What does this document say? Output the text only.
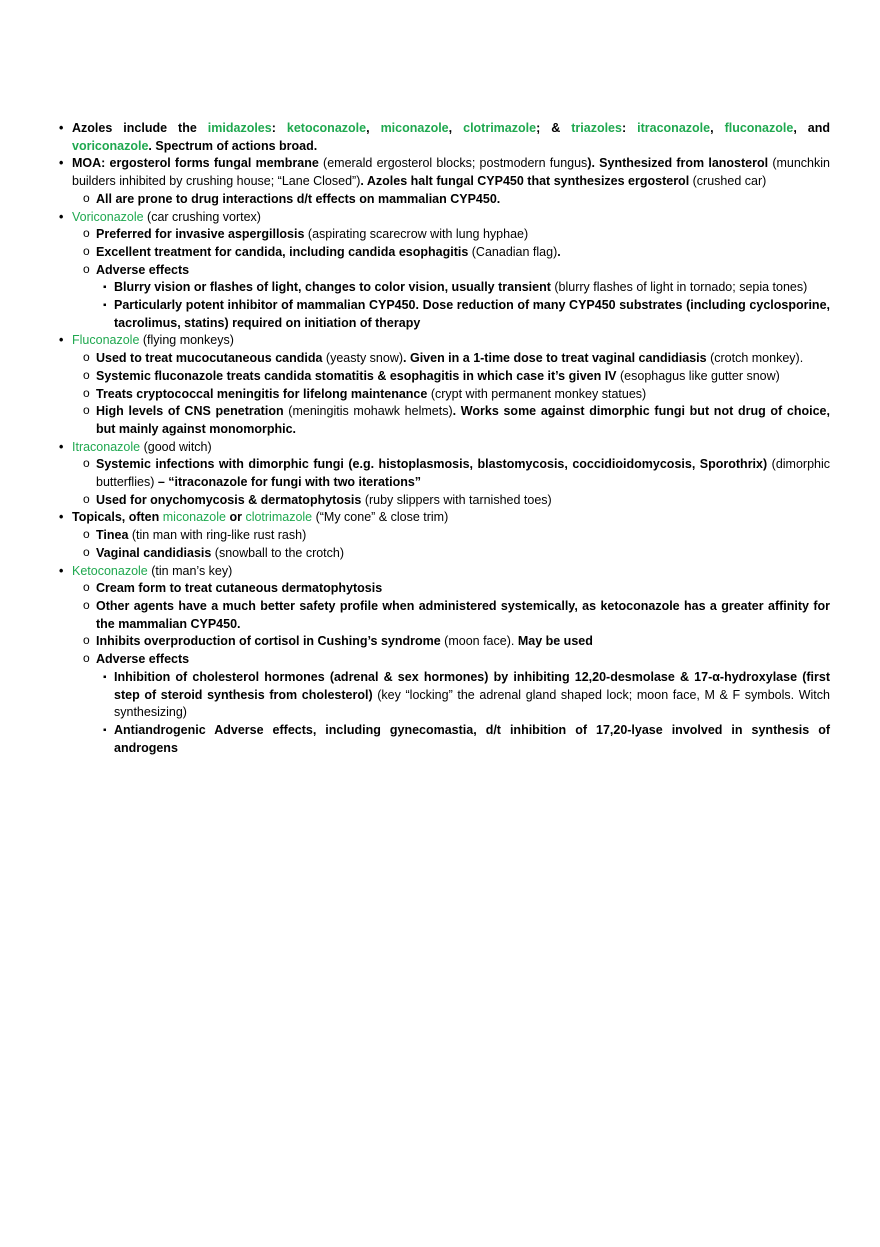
• Azoles include the imidazoles: ketoconazole, miconazole, clotrimazole; & triazoles: itraconazole, fluconazole, and voriconazole. Spectrum of actions broad.
• MOA: ergosterol forms fungal membrane (emerald ergosterol blocks; postmodern fungus). Synthesized from lanosterol (munchkin builders inhibited by crushing house; “Lane Closed”). Azoles halt fungal CYP450 that synthesizes ergosterol (crushed car)
o All are prone to drug interactions d/t effects on mammalian CYP450.
• Voriconazole (car crushing vortex)
o Preferred for invasive aspergillosis (aspirating scarecrow with lung hyphae)
o Excellent treatment for candida, including candida esophagitis (Canadian flag).
o Adverse effects
▪ Blurry vision or flashes of light, changes to color vision, usually transient (blurry flashes of light in tornado; sepia tones)
▪ Particularly potent inhibitor of mammalian CYP450. Dose reduction of many CYP450 substrates (including cyclosporine, tacrolimus, statins) required on initiation of therapy
• Fluconazole (flying monkeys)
o Used to treat mucocutaneous candida (yeasty snow). Given in a 1-time dose to treat vaginal candidiasis (crotch monkey).
o Systemic fluconazole treats candida stomatitis & esophagitis in which case it’s given IV (esophagus like gutter snow)
o Treats cryptococcal meningitis for lifelong maintenance (crypt with permanent monkey statues)
o High levels of CNS penetration (meningitis mohawk helmets). Works some against dimorphic fungi but not drug of choice, but mainly against monomorphic.
• Itraconazole (good witch)
o Systemic infections with dimorphic fungi (e.g. histoplasmosis, blastomycosis, coccidioidomycosis, Sporothrix) (dimorphic butterflies) – “itraconazole for fungi with two iterations”
o Used for onychomycosis & dermatophytosis (ruby slippers with tarnished toes)
• Topicals, often miconazole or clotrimazole (“My cone” & close trim)
o Tinea (tin man with ring-like rust rash)
o Vaginal candidiasis (snowball to the crotch)
• Ketoconazole (tin man’s key)
o Cream form to treat cutaneous dermatophytosis
o Other agents have a much better safety profile when administered systemically, as ketoconazole has a greater affinity for the mammalian CYP450.
o Inhibits overproduction of cortisol in Cushing’s syndrome (moon face). May be used
o Adverse effects
▪ Inhibition of cholesterol hormones (adrenal & sex hormones) by inhibiting 12,20-desmolase & 17-α-hydroxylase (first step of steroid synthesis from cholesterol) (key “locking” the adrenal gland shaped lock; moon face, M & F symbols. Witch synthesizing)
▪ Antiandrogenic Adverse effects, including gynecomastia, d/t inhibition of 17,20-lyase involved in synthesis of androgens
